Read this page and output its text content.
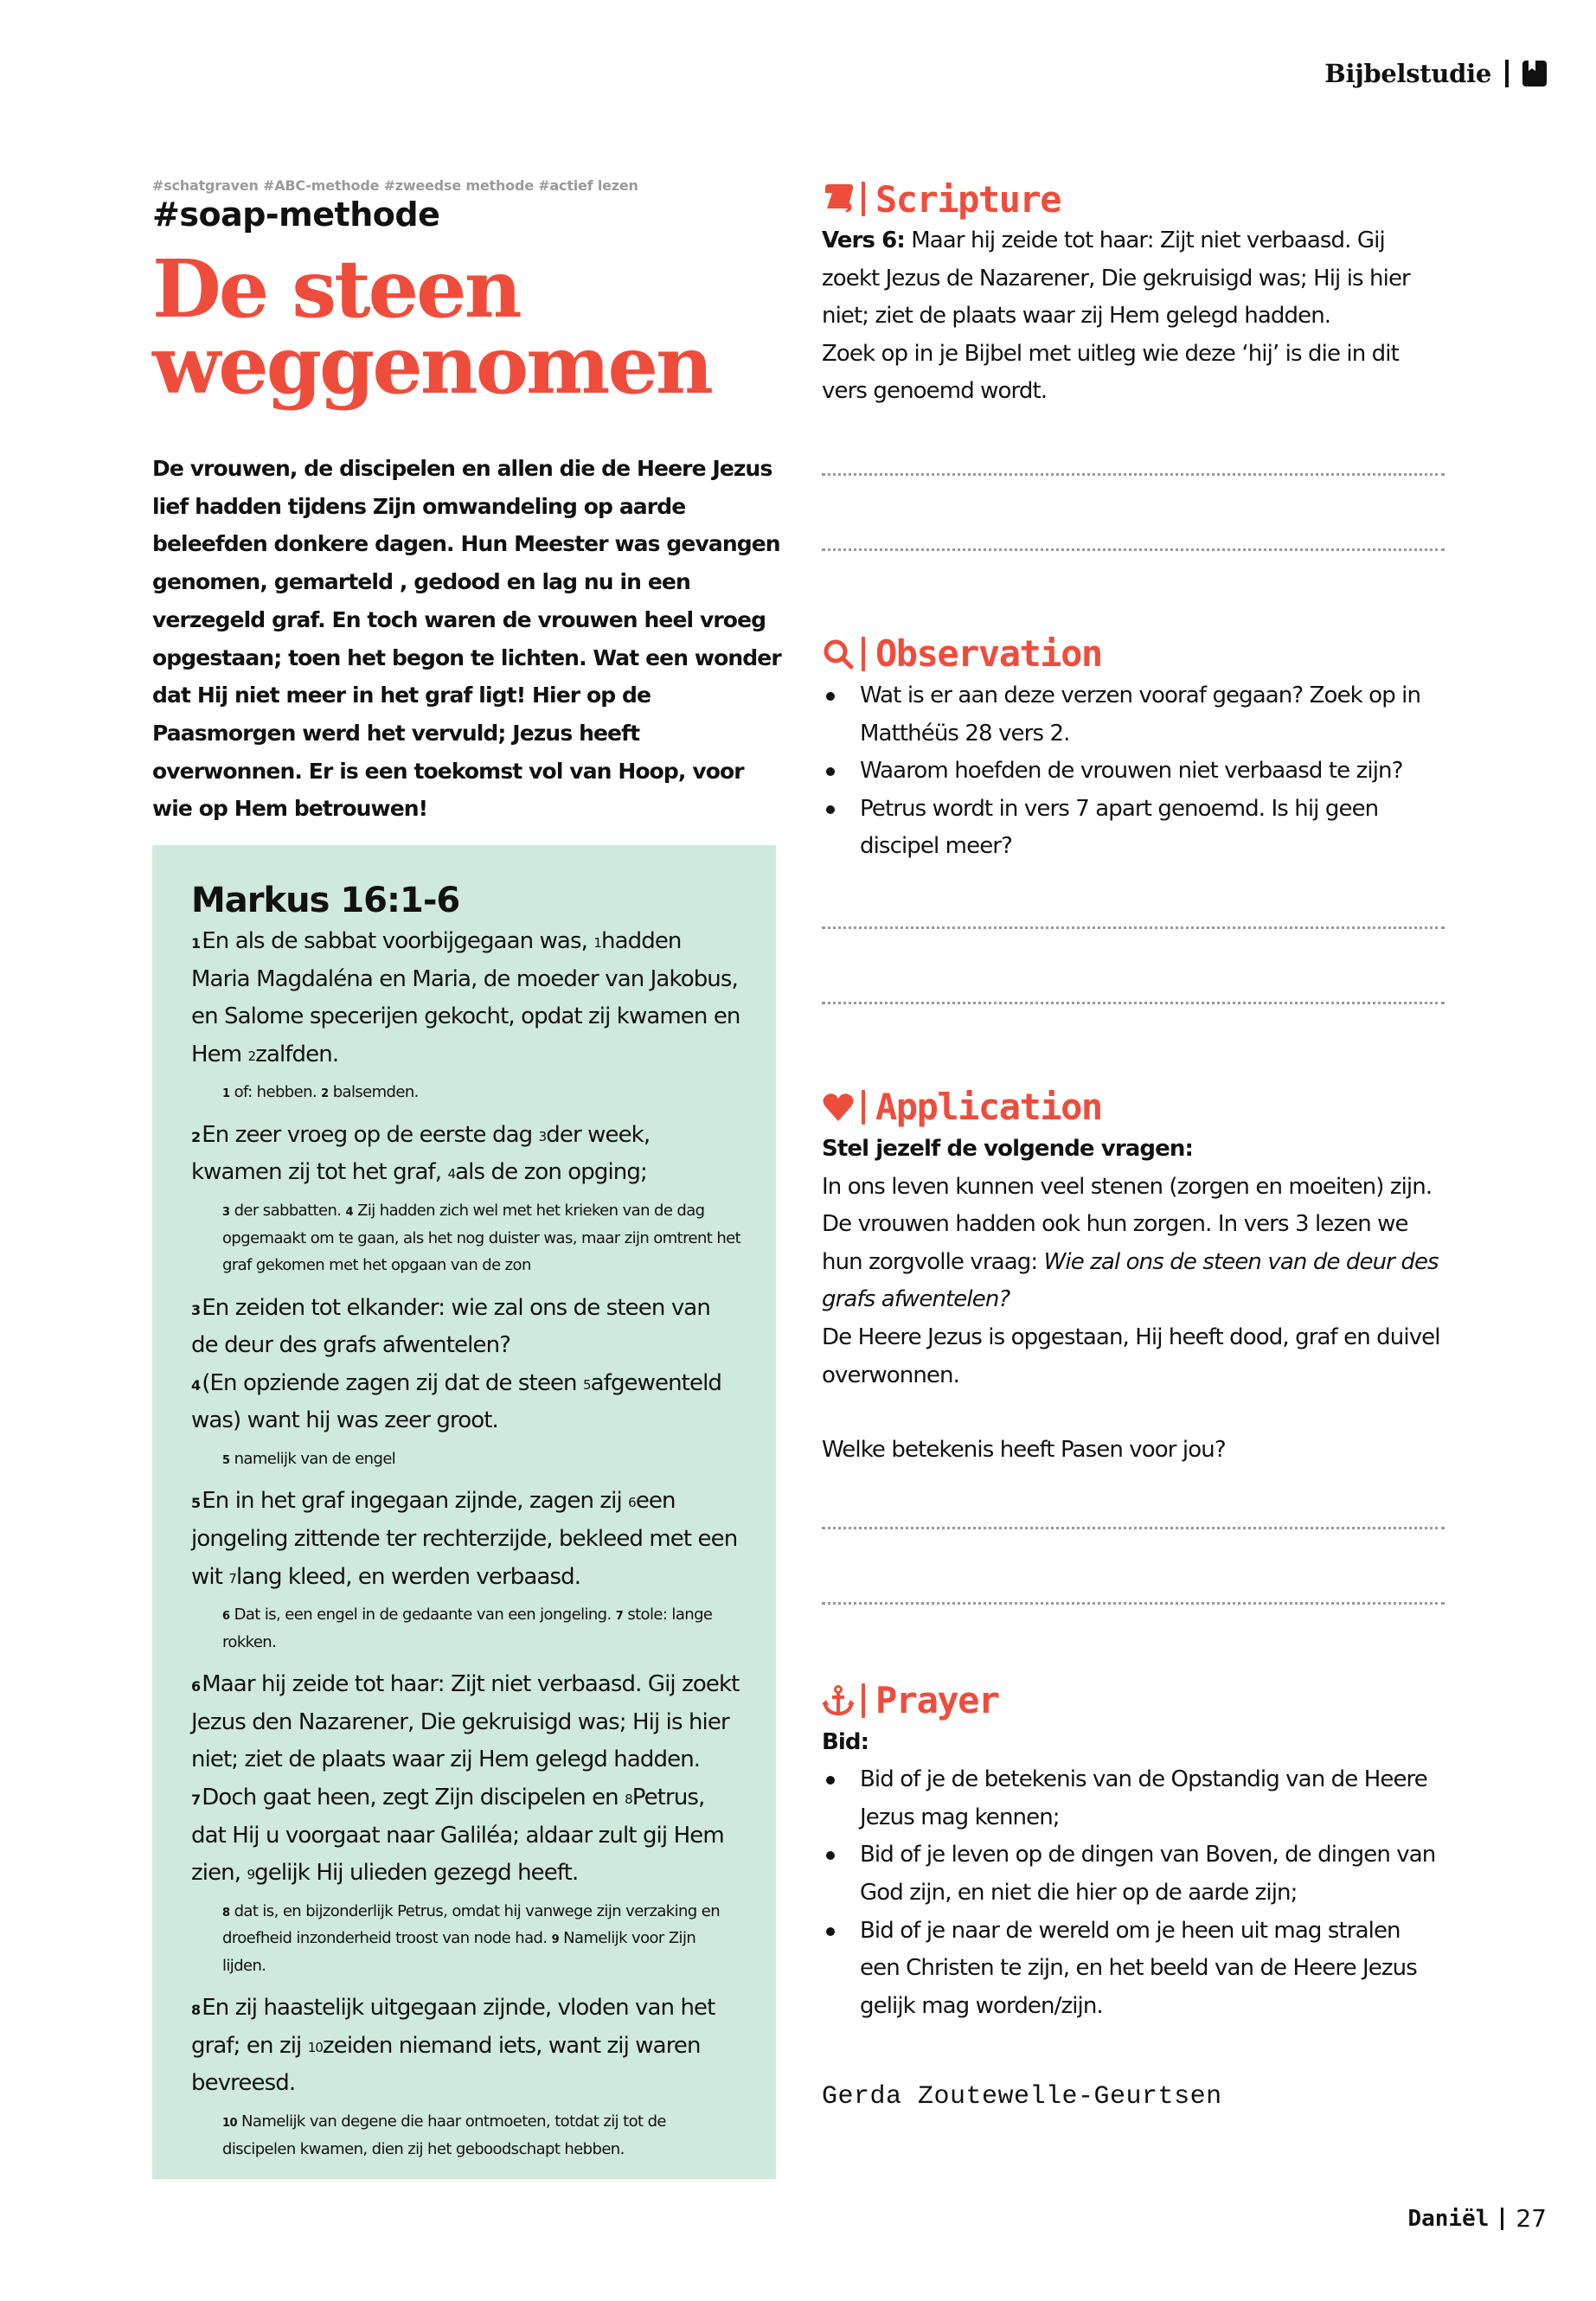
Bijbelstudie
#schatgraven #ABC-methode #zweedse methode #actief lezen
#soap-methode
De steen
weggenomen

De vrouwen, de discipelen en allen die de Heere Jezus lief hadden tijdens Zijn omwandeling op aarde beleefden donkere dagen. Hun Meester was gevangen genomen, gemarteld , gedood en lag nu in een verzegeld graf. En toch waren de vrouwen heel vroeg opgestaan; toen het begon te lichten. Wat een wonder dat Hij niet meer in het graf ligt! Hier op de Paasmorgen werd het vervuld; Jezus heeft overwonnen. Er is een toekomst vol van Hoop, voor wie op Hem betrouwen!

Markus 16:1-6

$^1$En als de sabbat voorbijgegaan was, $^1$hadden Maria Magdaléna en Maria, de moeder van Jakobus, en Salome specerijen gekocht, opdat zij kwamen en Hem $^2$zalfden.

$^1$ of: hebben. $^2$ balsemden.

$^2$En zeer vroeg op de eerste dag $^3$der week, kwamen zij tot het graf, $^4$als de zon opging;

$^3$ der sabbatten. $^4$ Zij hadden zich wel met het krieken van de dag opgemaakt om te gaan, als het nog duister was, maar zijn omtrent het graf gekomen met het opgaan van de zon

$^3$En zeiden tot elkander: wie zal ons de steen van de deur des grafs afwentelen?

$^4$(En opziende zagen zij dat de steen $^5$afgewenteld was) want hij was zeer groot.

$^5$ namelijk van de engel

$^5$En in het graf ingegaan zijnde, zagen zij $^6$een jongeling zittende ter rechterzijde, bekleed met een wit $^7$lang kleed, en werden verbaasd.

$^6$ Dat is, een engel in de gedaante van een jongeling. $^7$ stole: lange rokken.

$^6$Maar hij zeide tot haar: Zijt niet verbaasd. Gij zoekt Jezus den Nazarener, Die gekruisigd was; Hij is hier niet; ziet de plaats waar zij Hem gelegd hadden.

$^7$Doch gaat heen, zegt Zijn discipelen en $^8$Petrus, dat Hij u voorgaat naar Galiléa; aldaar zult gij Hem zien, $^9$gelijk Hij ulieden gezegd heeft.

$^8$ dat is, en bijzonderlijk Petrus, omdat hij vanwege zijn verzaking en droefheid inzonderheid troost van node had. $^9$ Namelijk voor Zijn lijden.

$^8$En zij haastelijk uitgegaan zijnde, vloden van het graf; en zij $^{10}$zeiden niemand iets, want zij waren bevreesd.

$^{10}$ Namelijk van degene die haar ontmoeten, totdat zij tot de discipelen kwamen, dien zij het geboodschapt hebben.

Scripture

Vers 6: Maar hij zeide tot haar: Zijt niet verbaasd. Gij zoekt Jezus de Nazarener, Die gekruisigd was; Hij is hier niet; ziet de plaats waar zij Hem gelegd hadden.

Zoek op in je Bijbel met uitleg wie deze ‘hij’ is die in dit vers genoemd wordt.

Observation
Wat is er aan deze verzen vooraf gegaan? Zoek op in Matthéüs 28 vers 2.
Waarom hoefden de vrouwen niet verbaasd te zijn?
Petrus wordt in vers 7 apart genoemd. Is hij geen discipel meer?
Application

Stel jezelf de volgende vragen:

In ons leven kunnen veel stenen (zorgen en moeiten) zijn. De vrouwen hadden ook hun zorgen. In vers 3 lezen we hun zorgvolle vraag: Wie zal ons de steen van de deur des grafs afwentelen?

De Heere Jezus is opgestaan, Hij heeft dood, graf en duivel overwonnen.

Welke betekenis heeft Pasen voor jou?

Prayer

Bid:

Bid of je de betekenis van de Opstandig van de Heere Jezus mag kennen;
Bid of je leven op de dingen van Boven, de dingen van God zijn, en niet die hier op de aarde zijn;
Bid of je naar de wereld om je heen uit mag stralen een Christen te zijn, en het beeld van de Heere Jezus gelijk mag worden/zijn.
Gerda Zoutewelle-Geurtsen
Daniël 27
